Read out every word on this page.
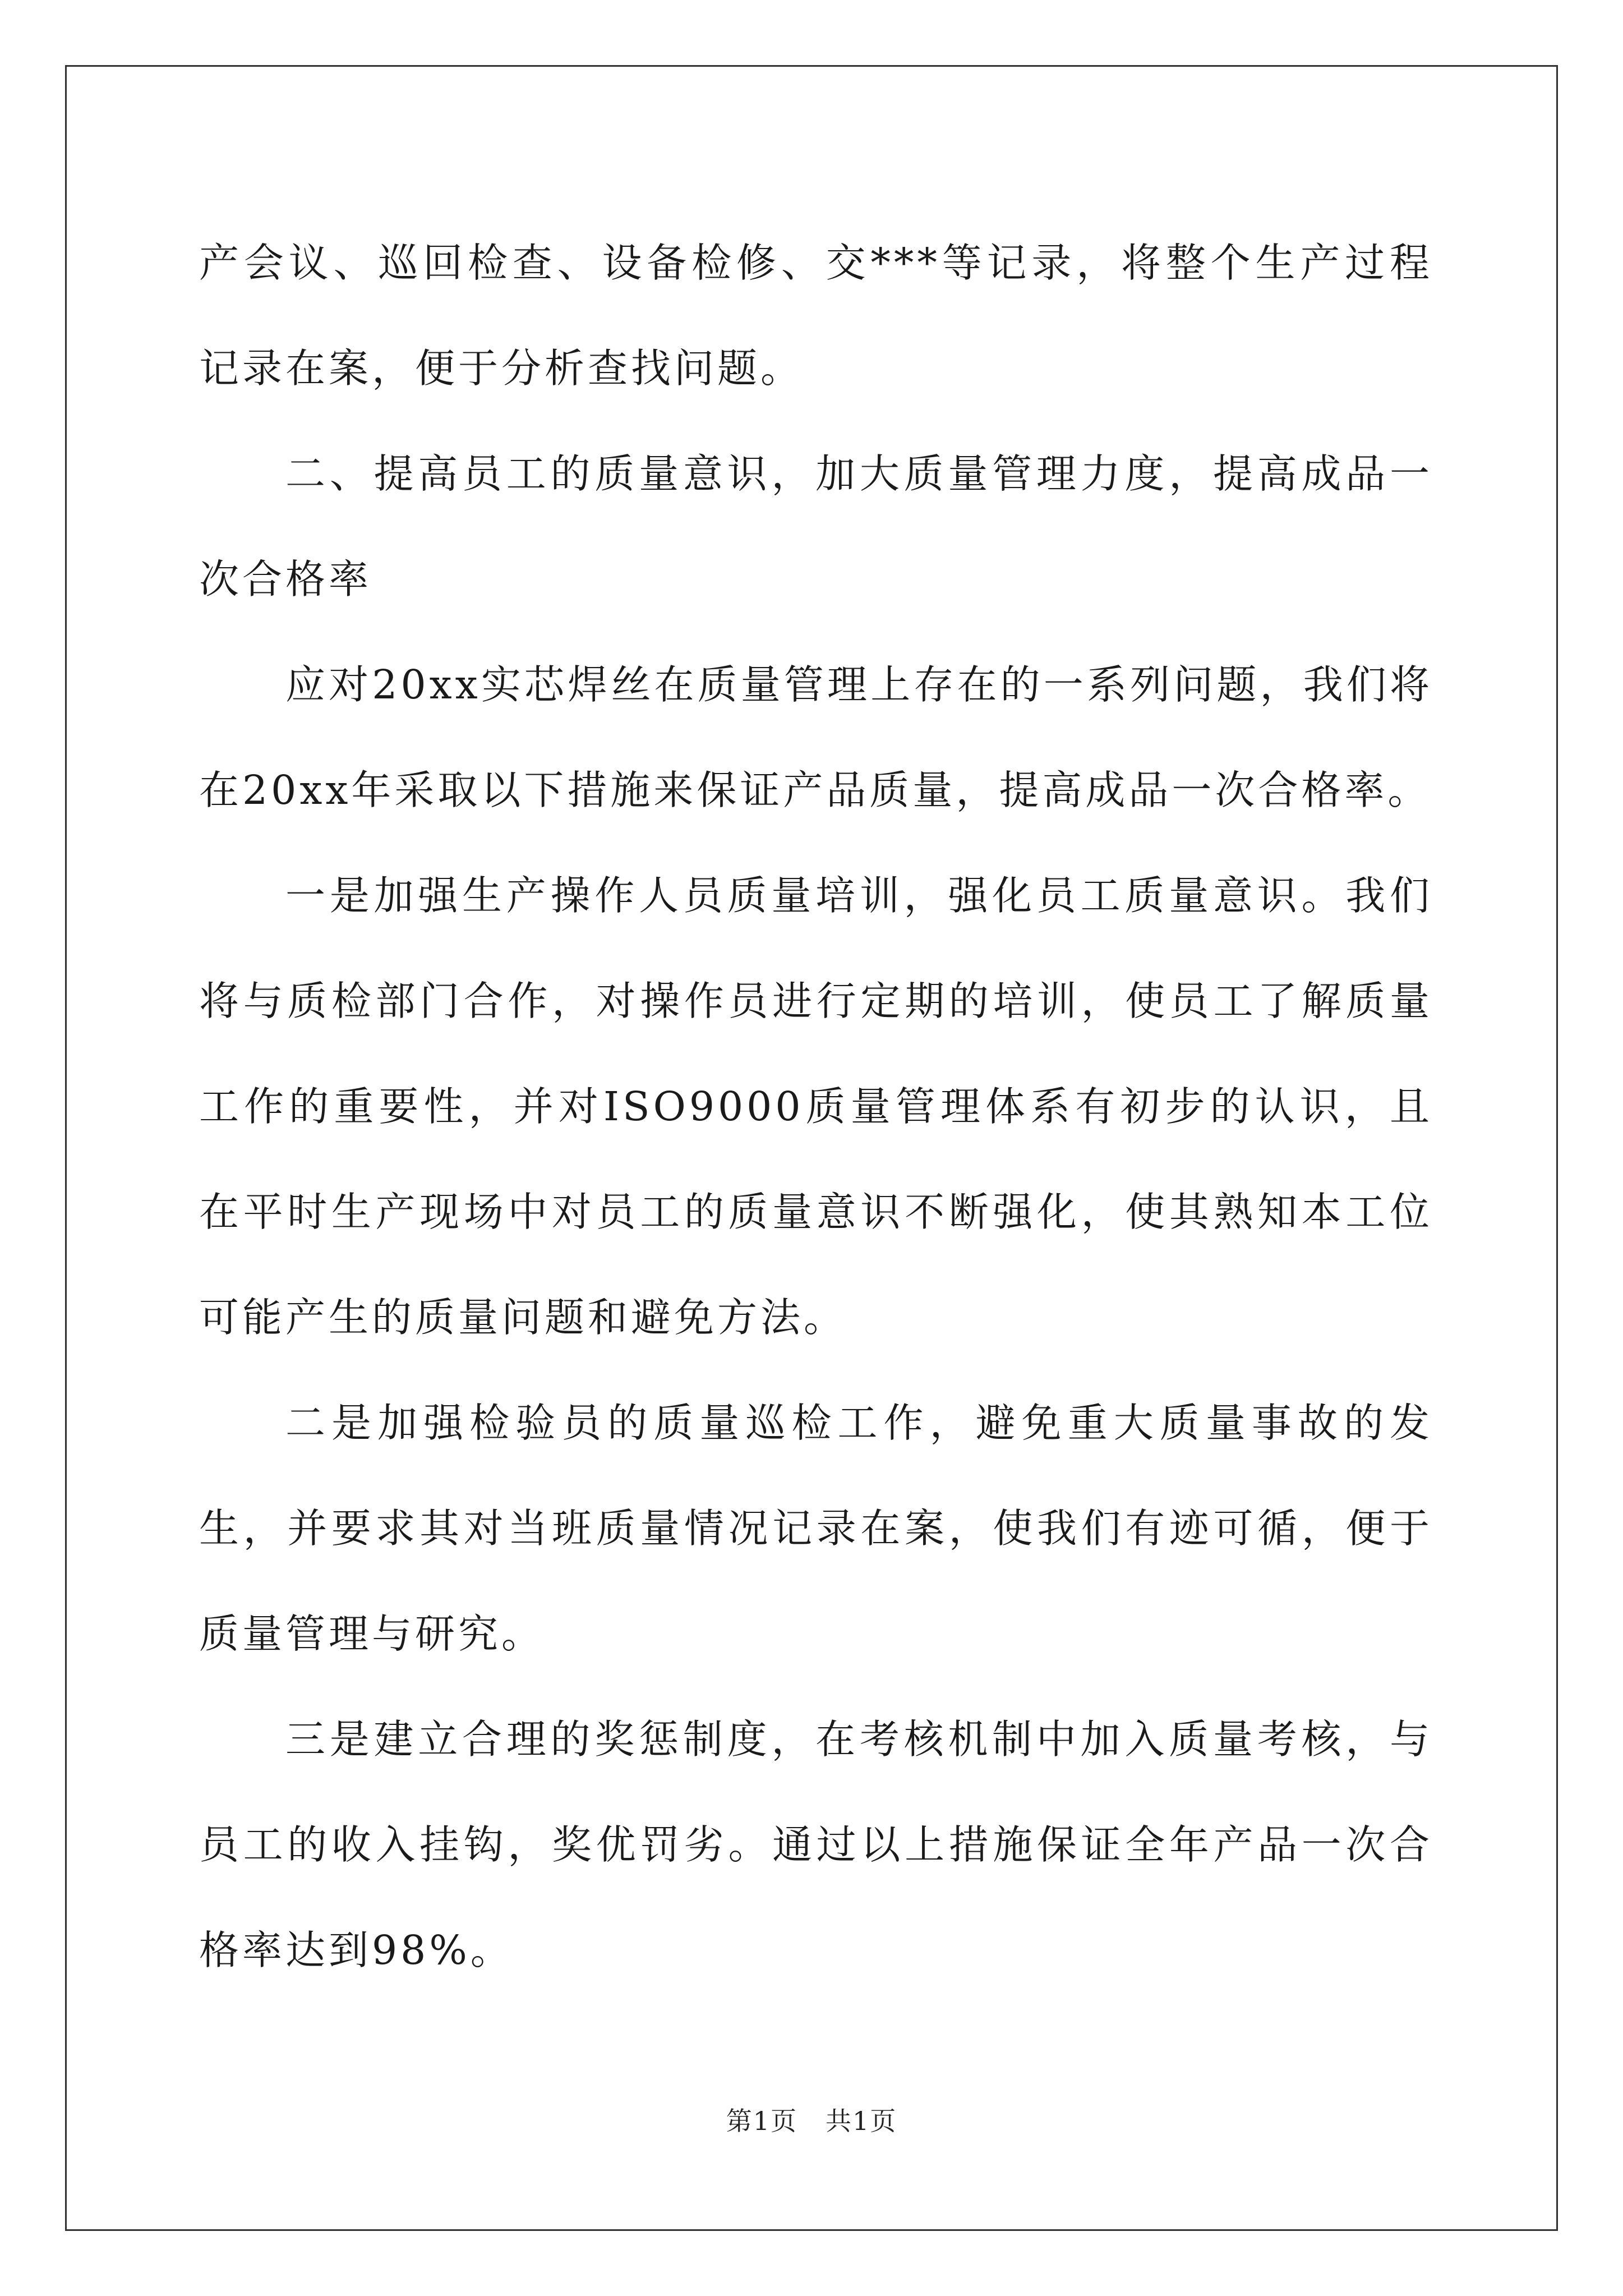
产会议、巡回检查、设备检修、交***等记录，将整个生产过程记录在案，便于分析查找问题。

二、提高员工的质量意识，加大质量管理力度，提高成品一次合格率

应对20xx实芯焊丝在质量管理上存在的一系列问题，我们将在20xx年采取以下措施来保证产品质量，提高成品一次合格率。

一是加强生产操作人员质量培训，强化员工质量意识。我们将与质检部门合作，对操作员进行定期的培训，使员工了解质量工作的重要性，并对ISO9000质量管理体系有初步的认识，且在平时生产现场中对员工的质量意识不断强化，使其熟知本工位可能产生的质量问题和避免方法。

二是加强检验员的质量巡检工作，避免重大质量事故的发生，并要求其对当班质量情况记录在案，使我们有迹可循，便于质量管理与研究。

三是建立合理的奖惩制度，在考核机制中加入质量考核，与员工的收入挂钩，奖优罚劣。通过以上措施保证全年产品一次合格率达到98%。

第1页 共1页
